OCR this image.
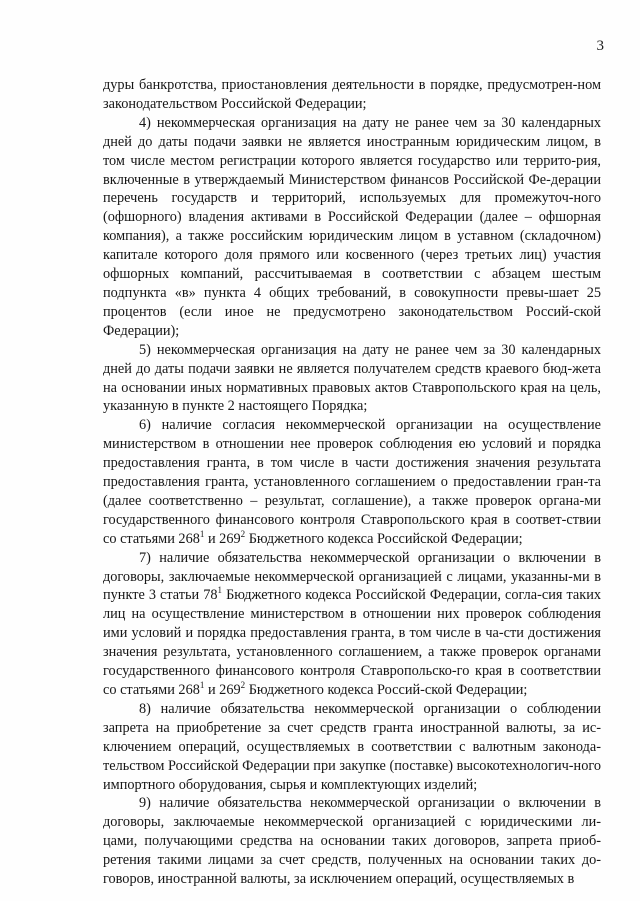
3

дуры банкротства, приостановления деятельности в порядке, предусмотрен-ном законодательством Российской Федерации;

4) некоммерческая организация на дату не ранее чем за 30 календарных дней до даты подачи заявки не является иностранным юридическим лицом, в том числе местом регистрации которого является государство или террито-рия, включенные в утверждаемый Министерством финансов Российской Фе-дерации перечень государств и территорий, используемых для промежуточ-ного (офшорного) владения активами в Российской Федерации (далее – офшорная компания), а также российским юридическим лицом в уставном (складочном) капитале которого доля прямого или косвенного (через третьих лиц) участия офшорных компаний, рассчитываемая в соответствии с абзацем шестым подпункта «в» пункта 4 общих требований, в совокупности превы-шает 25 процентов (если иное не предусмотрено законодательством Россий-ской Федерации);

5) некоммерческая организация на дату не ранее чем за 30 календарных дней до даты подачи заявки не является получателем средств краевого бюд-жета на основании иных нормативных правовых актов Ставропольского края на цель, указанную в пункте 2 настоящего Порядка;

6) наличие согласия некоммерческой организации на осуществление министерством в отношении нее проверок соблюдения ею условий и порядка предоставления гранта, в том числе в части достижения значения результата предоставления гранта, установленного соглашением о предоставлении гран-та (далее соответственно – результат, соглашение), а также проверок органа-ми государственного финансового контроля Ставропольского края в соответ-ствии со статьями $268^1$ и $269^2$ Бюджетного кодекса Российской Федерации;

7) наличие обязательства некоммерческой организации о включении в договоры, заключаемые некоммерческой организацией с лицами, указанны-ми в пункте 3 статьи $78^1$ Бюджетного кодекса Российской Федерации, согла-сия таких лиц на осуществление министерством в отношении них проверок соблюдения ими условий и порядка предоставления гранта, в том числе в ча-сти достижения значения результата, установленного соглашением, а также проверок органами государственного финансового контроля Ставропольско-го края в соответствии со статьями $268^1$ и $269^2$ Бюджетного кодекса Россий-ской Федерации;

8) наличие обязательства некоммерческой организации о соблюдении запрета на приобретение за счет средств гранта иностранной валюты, за ис-ключением операций, осуществляемых в соответствии с валютным законода-тельством Российской Федерации при закупке (поставке) высокотехнологич-ного импортного оборудования, сырья и комплектующих изделий;

9) наличие обязательства некоммерческой организации о включении в договоры, заключаемые некоммерческой организацией с юридическими ли-цами, получающими средства на основании таких договоров, запрета приоб-ретения такими лицами за счет средств, полученных на основании таких до-говоров, иностранной валюты, за исключением операций, осуществляемых в
